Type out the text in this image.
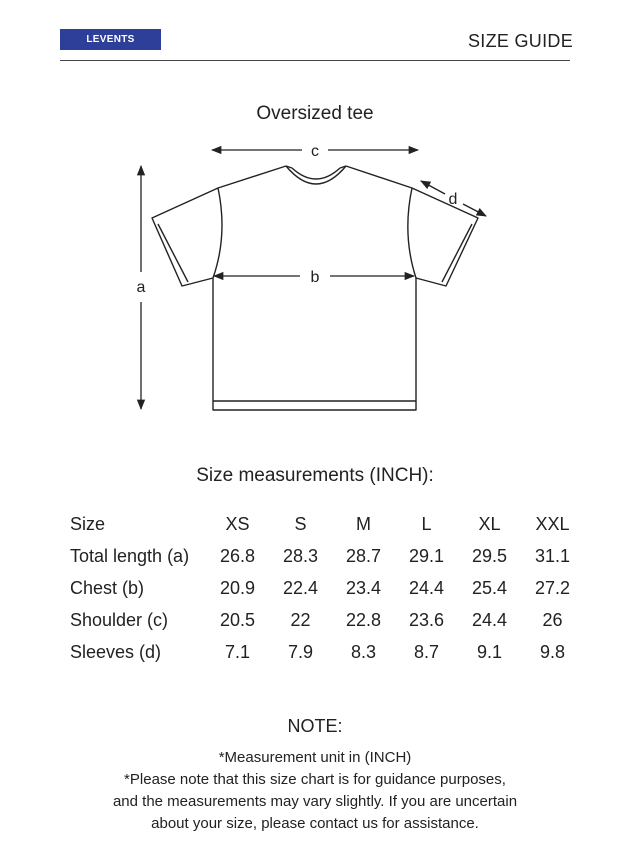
LEVENTS	SIZE GUIDE
Oversized tee
c
b
a
d
Size measurements (INCH):
Size	XS	S	M	L	XL	XXL
Total length (a)	26.8	28.3	28.7	29.1	29.5	31.1
Chest (b)	20.9	22.4	23.4	24.4	25.4	27.2
Shoulder (c)	20.5	22	22.8	23.6	24.4	26
Sleeves (d)	7.1	7.9	8.3	8.7	9.1	9.8
NOTE:
*Measurement unit in (INCH)
*Please note that this size chart is for guidance purposes,
and the measurements may vary slightly. If you are uncertain
about your size, please contact us for assistance.
